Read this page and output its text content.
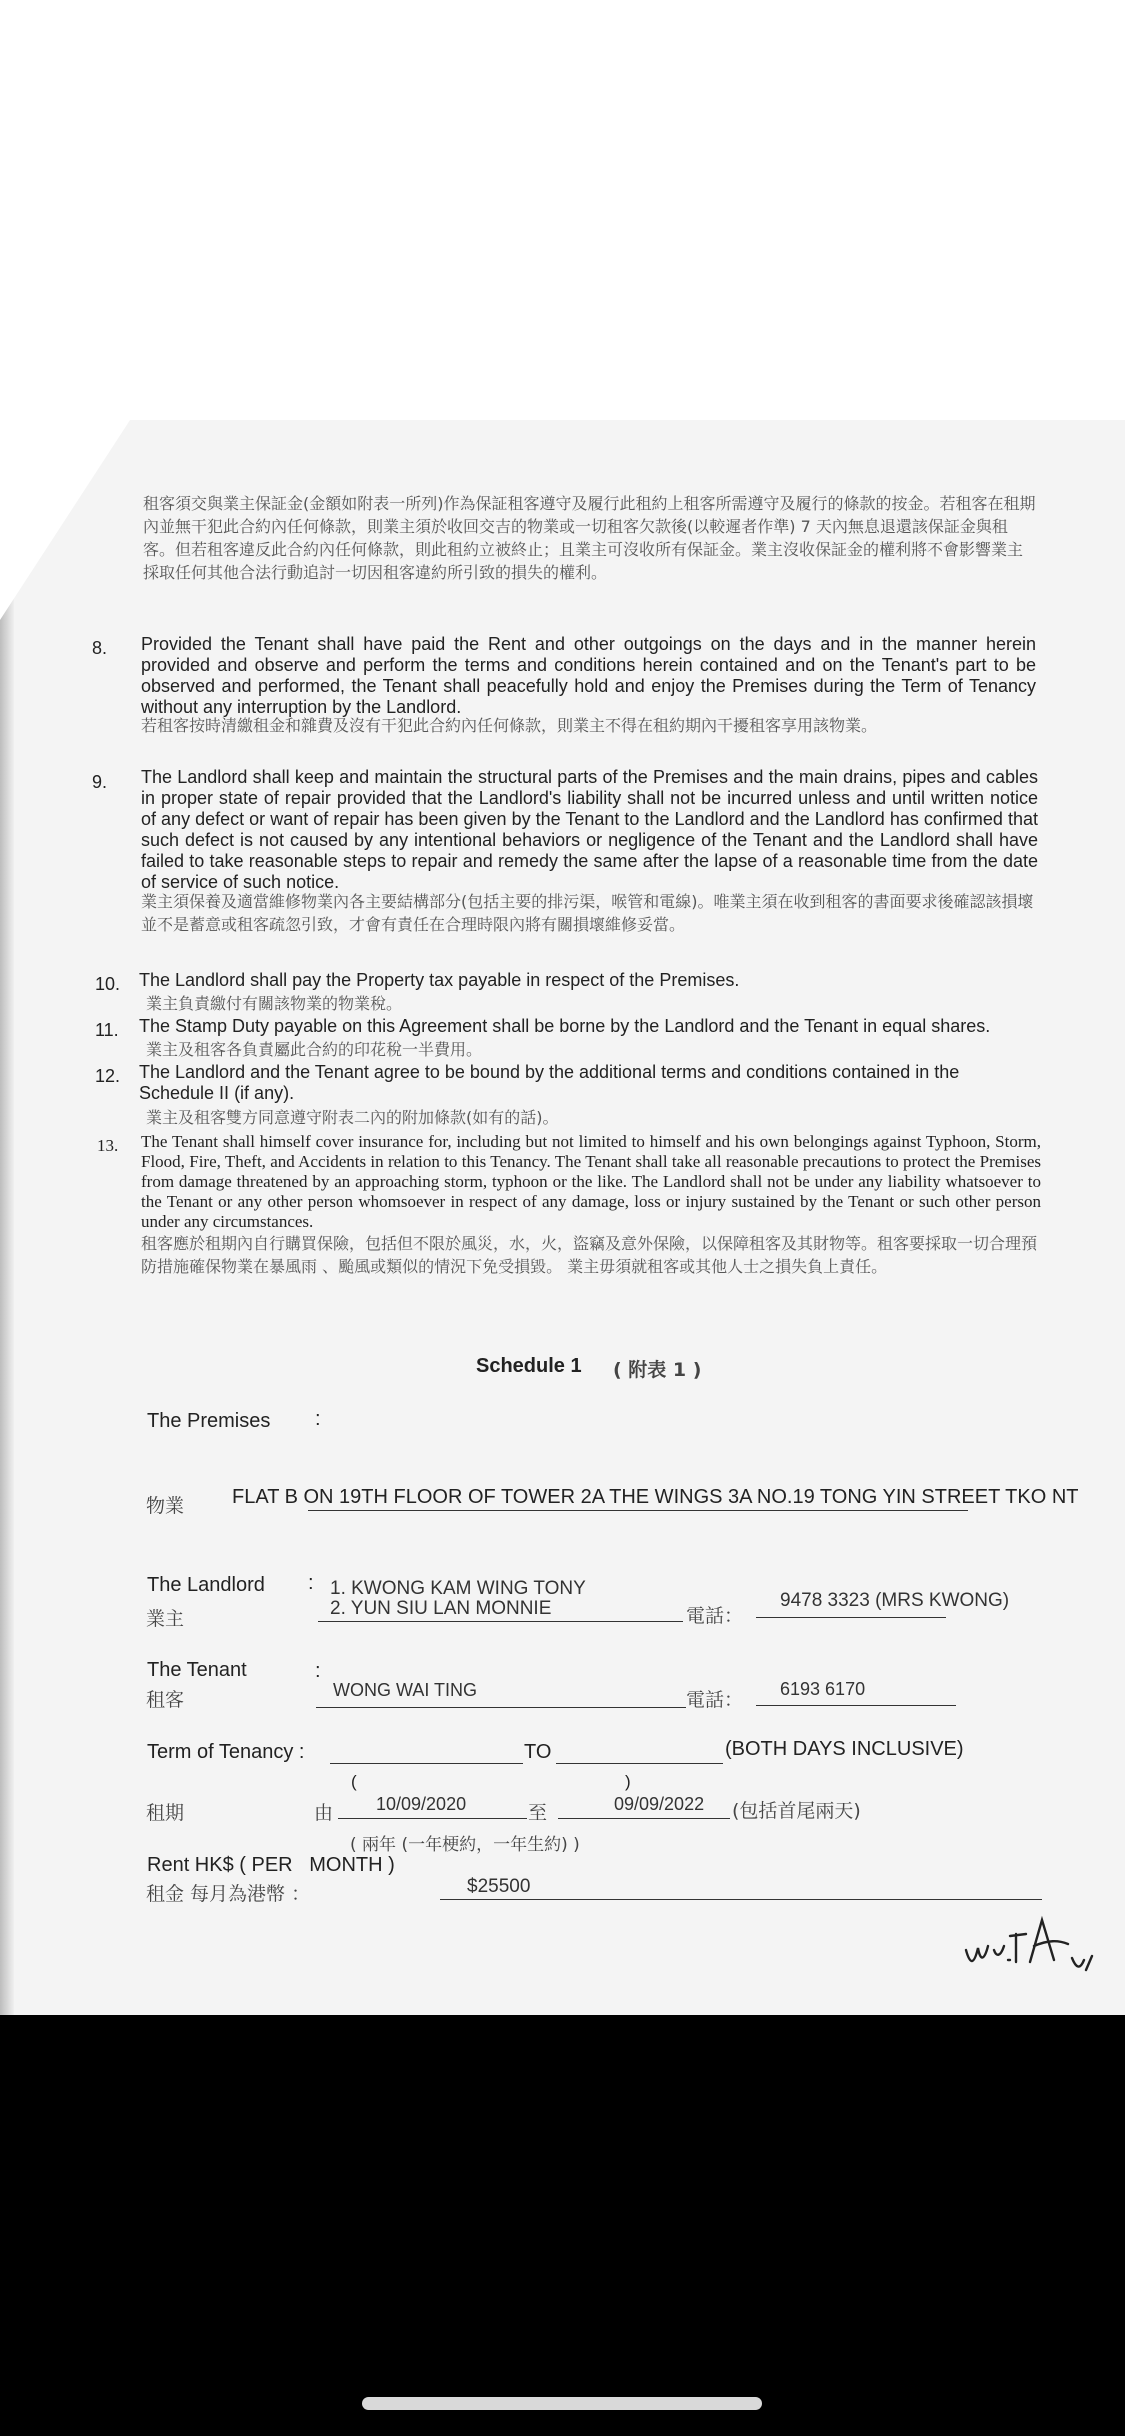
租客須交與業主保証金(金額如附表一所列)作為保証租客遵守及履行此租約上租客所需遵守及履行的條款的按金。若租客在租期內並無干犯此合約內任何條款，則業主須於收回交吉的物業或一切租客欠款後(以較遲者作準) 7 天內無息退還該保証金與租客。但若租客違反此合約內任何條款，則此租約立被終止；且業主可沒收所有保証金。業主沒收保証金的權利將不會影響業主採取任何其他合法行動追討一切因租客違約所引致的損失的權利。
8. Provided the Tenant shall have paid the Rent and other outgoings on the days and in the manner herein provided and observe and perform the terms and conditions herein contained and on the Tenant's part to be observed and performed, the Tenant shall peacefully hold and enjoy the Premises during the Term of Tenancy without any interruption by the Landlord.
若租客按時清繳租金和雜費及沒有干犯此合約內任何條款，則業主不得在租約期內干擾租客享用該物業。
9. The Landlord shall keep and maintain the structural parts of the Premises and the main drains, pipes and cables in proper state of repair provided that the Landlord's liability shall not be incurred unless and until written notice of any defect or want of repair has been given by the Tenant to the Landlord and the Landlord has confirmed that such defect is not caused by any intentional behaviors or negligence of the Tenant and the Landlord shall have failed to take reasonable steps to repair and remedy the same after the lapse of a reasonable time from the date of service of such notice.
業主須保養及適當維修物業內各主要結構部分(包括主要的排污渠，喉管和電線)。唯業主須在收到租客的書面要求後確認該損壞並不是蓄意或租客疏忽引致，才會有責任在合理時限內將有關損壞維修妥當。
10. The Landlord shall pay the Property tax payable in respect of the Premises.
業主負責繳付有關該物業的物業稅。
11. The Stamp Duty payable on this Agreement shall be borne by the Landlord and the Tenant in equal shares.
業主及租客各負責屬此合約的印花稅一半費用。
12. The Landlord and the Tenant agree to be bound by the additional terms and conditions contained in the Schedule II (if any).
業主及租客雙方同意遵守附表二內的附加條款(如有的話)。
13. The Tenant shall himself cover insurance for, including but not limited to himself and his own belongings against Typhoon, Storm, Flood, Fire, Theft, and Accidents in relation to this Tenancy. The Tenant shall take all reasonable precautions to protect the Premises from damage threatened by an approaching storm, typhoon or the like. The Landlord shall not be under any liability whatsoever to the Tenant or any other person whomsoever in respect of any damage, loss or injury sustained by the Tenant or such other person under any circumstances.
租客應於租期內自行購買保險，包括但不限於風災，水，火，盜竊及意外保險，以保障租客及其財物等。租客要採取一切合理預防措施確保物業在暴風雨 、颱風或類似的情況下免受損毀。 業主毋須就租客或其他人士之損失負上責任。
Schedule 1 ( 附表 1 )
The Premises :
物業 FLAT B ON 19TH FLOOR OF TOWER 2A THE WINGS 3A NO.19 TONG YIN STREET TKO NT
The Landlord :
業主
1. KWONG KAM WING TONY
2. YUN SIU LAN MONNIE	電話：
9478 3323 (MRS KWONG)
The Tenant	:
租客	WONG WAI TING	電話： 6193 6170
Term of Tenancy :	TO	(BOTH DAYS INCLUSIVE)
(	)
租期	由 10/09/2020	至	09/09/2022 (包括首尾兩天)
( 兩年 (一年梗約，一年生約) )
Rent HK$ ( PER   MONTH )
租金 每月為港幣 ：	$25500
